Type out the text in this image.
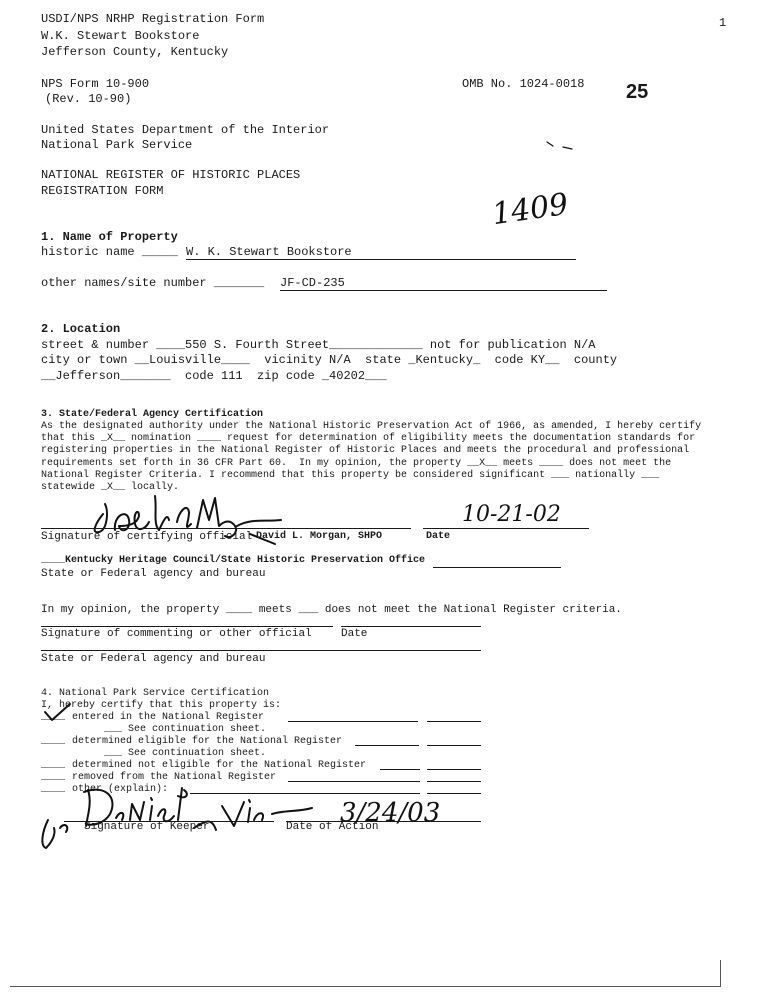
USDI/NPS NRHP Registration Form
W.K. Stewart Bookstore
Jefferson County, Kentucky
1
NPS Form 10-900
(Rev. 10-90)
OMB No. 1024-0018 25
United States Department of the Interior
National Park Service
NATIONAL REGISTER OF HISTORIC PLACES
REGISTRATION FORM	1409
1. Name of Property
historic name _____ W. K. Stewart Bookstore
other names/site number _______ JF-CD-235
2. Location
street & number ____550 S. Fourth Street_____________ not for publication N/A
city or town __Louisville____  vicinity N/A  state _Kentucky_  code KY__  county
__Jefferson_______  code 111  zip code _40202___
3. State/Federal Agency Certification
As the designated authority under the National Historic Preservation Act of 1966, as amended, I hereby certify
that this _X__ nomination ____ request for determination of eligibility meets the documentation standards for
registering properties in the National Register of Historic Places and meets the procedural and professional
requirements set forth in 36 CFR Part 60.  In my opinion, the property __X__ meets ____ does not meet the
National Register Criteria. I recommend that this property be considered significant ___ nationally ___
statewide _X__ locally.
10-21-02
Signature of certifying official David L. Morgan, SHPO	Date
____Kentucky Heritage Council/State Historic Preservation Office
State or Federal agency and bureau
In my opinion, the property ____ meets ___ does not meet the National Register criteria.
Signature of commenting or other official	Date
State or Federal agency and bureau
4. National Park Service Certification
I, hereby certify that this property is:
____ entered in the National Register
___ See continuation sheet.
____ determined eligible for the National Register
___ See continuation sheet.
____ determined not eligible for the National Register
____ removed from the National Register
____ other (explain):
3/24/03
Signature of Keeper	Date of Action
